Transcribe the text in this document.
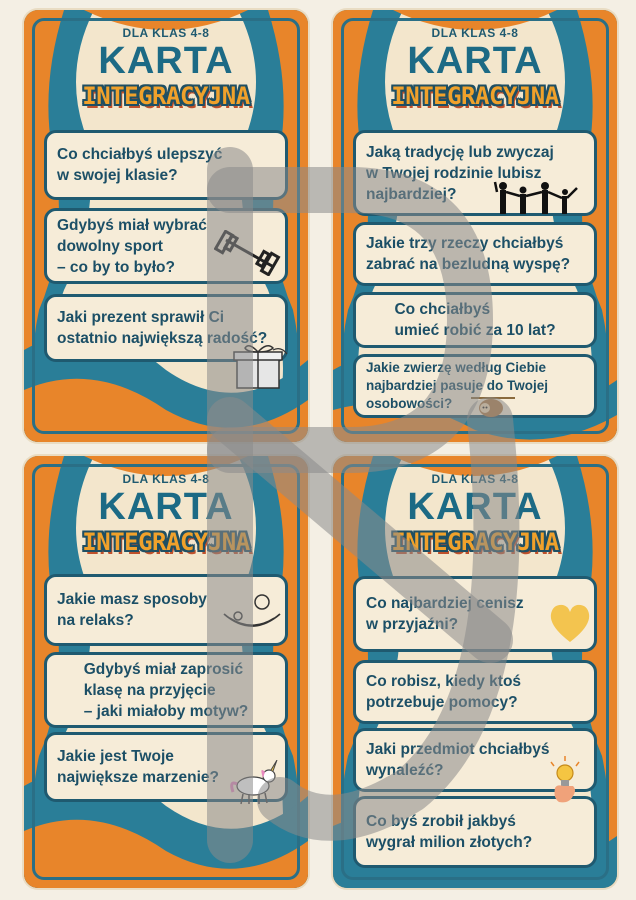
DLA KLAS 4-8
KARTA
INTEGRACYJNA
Co chciałbyś ulepszyć
w swojej klasie?
Gdybyś miał wybrać
dowolny sport
– co by to było?
Jaki prezent sprawił Ci
ostatnio największą radość?
DLA KLAS 4-8
KARTA
INTEGRACYJNA
Jaką tradycję lub zwyczaj
w Twojej rodzinie lubisz
najbardziej?
Jakie trzy rzeczy chciałbyś
zabrać na bezludną wyspę?
Co chciałbyś
umieć robić za 10 lat?
Jakie zwierzę według Ciebie
najbardziej pasuje do Twojej
osobowości?
DLA KLAS 4-8
KARTA
INTEGRACYJNA
Jakie masz sposoby
na relaks?
Gdybyś miał zaprosić
klasę na przyjęcie
– jaki miałoby motyw?
Jakie jest Twoje
największe marzenie?
DLA KLAS 4-8
KARTA
INTEGRACYJNA
Co najbardziej cenisz
w przyjaźni?
Co robisz, kiedy ktoś
potrzebuje pomocy?
Jaki przedmiot chciałbyś
wynaleźć?
Co byś zrobił jakbyś
wygrał milion złotych?
